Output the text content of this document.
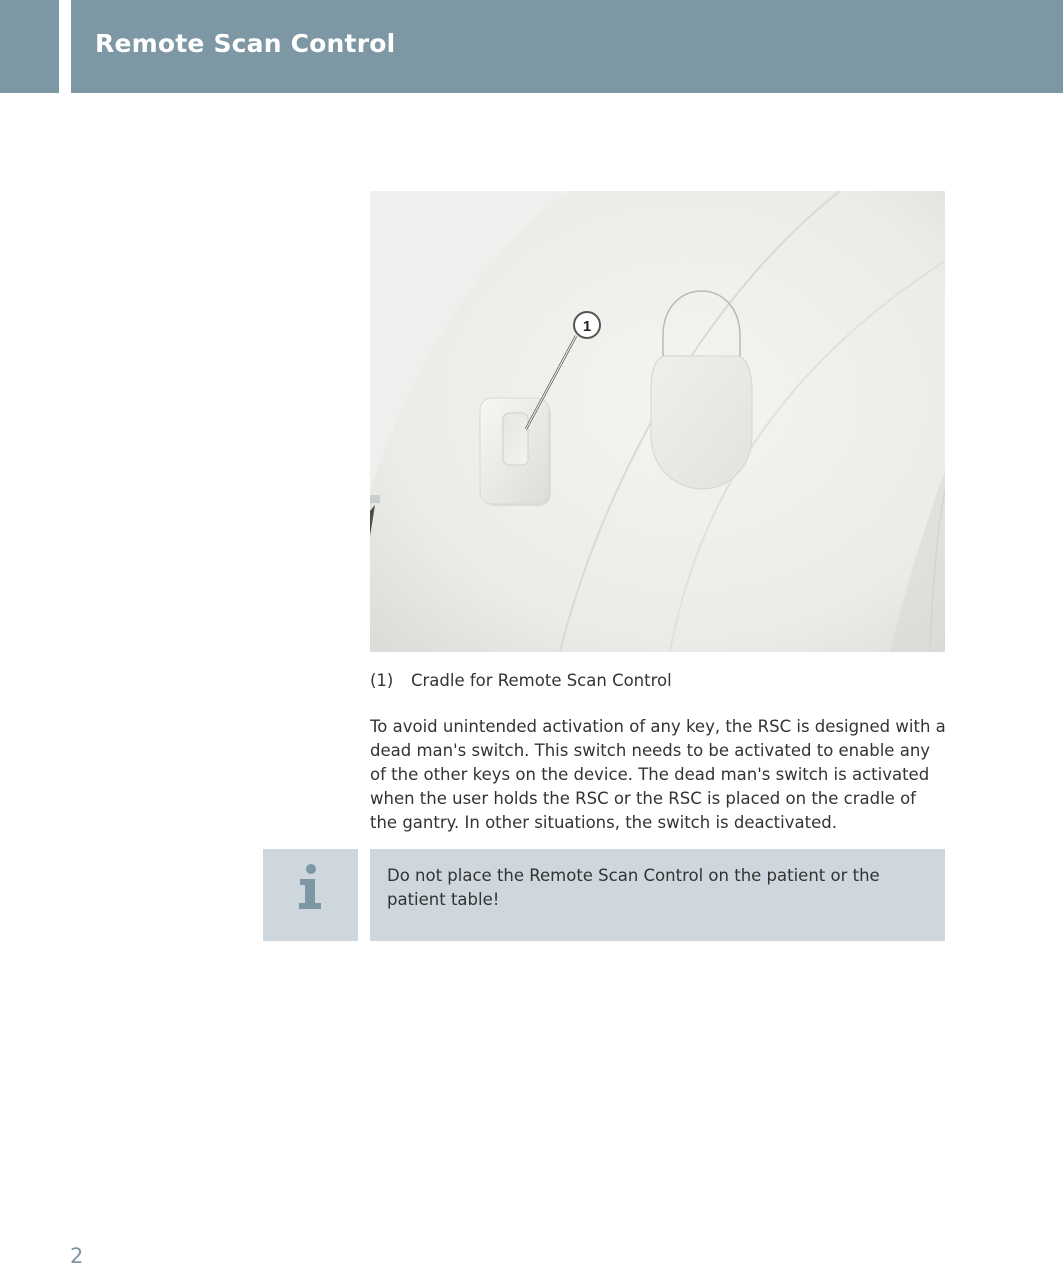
Remote Scan Control
1
(1) Cradle for Remote Scan Control

To avoid unintended activation of any key, the RSC is designed with a dead man's switch. This switch needs to be activated to enable any of the other keys on the device. The dead man's switch is activated when the user holds the RSC or the RSC is placed on the cradle of the gantry. In other situations, the switch is deactivated.

Do not place the Remote Scan Control on the patient or the patient table!

2
